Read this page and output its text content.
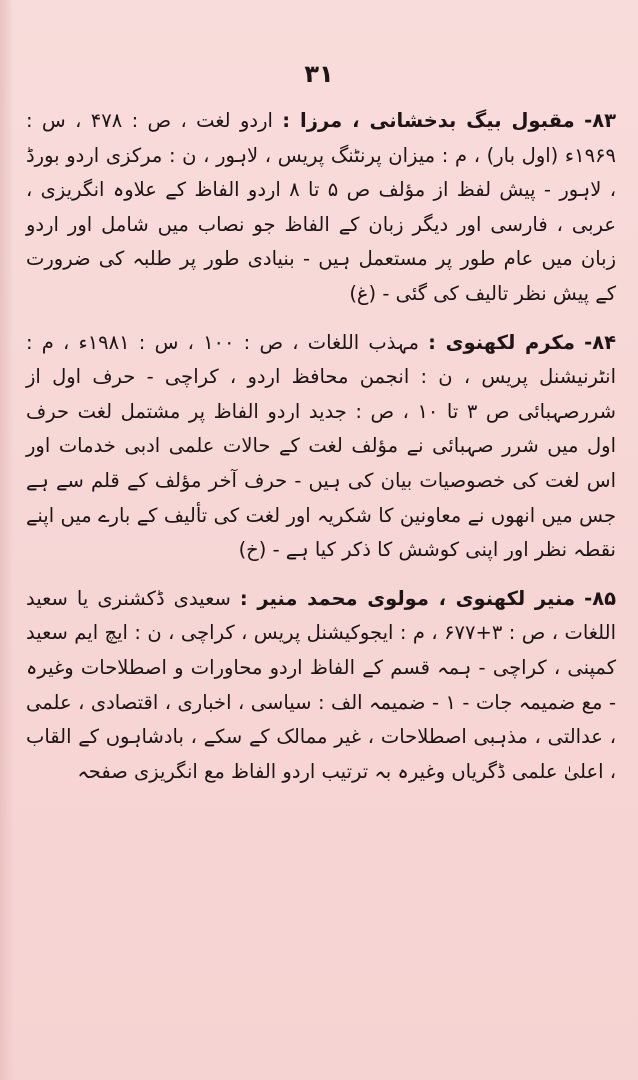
۳۱

۸۳- مقبول بیگ بدخشانی ، مرزا : اردو لغت ، ص : ۴۷۸ ، س : ۱۹۶۹ء (اول بار) ، م : میزان پرنٹنگ پریس ، لاہور ، ن : مرکزی اردو بورڈ ، لاہور - پیش لفظ از مؤلف ص ۵ تا ۸ اردو الفاظ کے علاوہ انگریزی ، عربی ، فارسی اور دیگر زبان کے الفاظ جو نصاب میں شامل اور اردو زبان میں عام طور پر مستعمل ہیں - بنیادی طور پر طلبہ کی ضرورت کے پیش نظر تالیف کی گئی - (غ)

۸۴- مکرم لکھنوی : مہذب اللغات ، ص : ۱۰۰ ، س : ۱۹۸۱ء ، م : انٹرنیشنل پریس ، ن : انجمن محافظ اردو ، کراچی - حرف اول از شررصہبائی ص ۳ تا ۱۰ ، ص : جدید اردو الفاظ پر مشتمل لغت حرف اول میں شرر صہبائی نے مؤلف لغت کے حالات علمی ادبی خدمات اور اس لغت کی خصوصیات بیان کی ہیں - حرف آخر مؤلف کے قلم سے ہے جس میں انھوں نے معاونین کا شکریہ اور لغت کی تألیف کے بارے میں اپنے نقطہ نظر اور اپنی کوشش کا ذکر کیا ہے - (خ)

۸۵- منیر لکھنوی ، مولوی محمد منیر : سعیدی ڈکشنری یا سعید اللغات ، ص : ۳+۶۷۷ ، م : ایجوکیشنل پریس ، کراچی ، ن : ایچ ایم سعید کمپنی ، کراچی - ہمہ قسم کے الفاظ اردو محاورات و اصطلاحات وغیرہ - مع ضمیمہ جات - ۱ - ضمیمہ الف : سیاسی ، اخباری ، اقتصادی ، علمی ، عدالتی ، مذہبی اصطلاحات ، غیر ممالک کے سکے ، بادشاہوں کے القاب ، اعلیٰ علمی ڈگریاں وغیرہ بہ ترتیب اردو الفاظ مع انگریزی صفحہ
